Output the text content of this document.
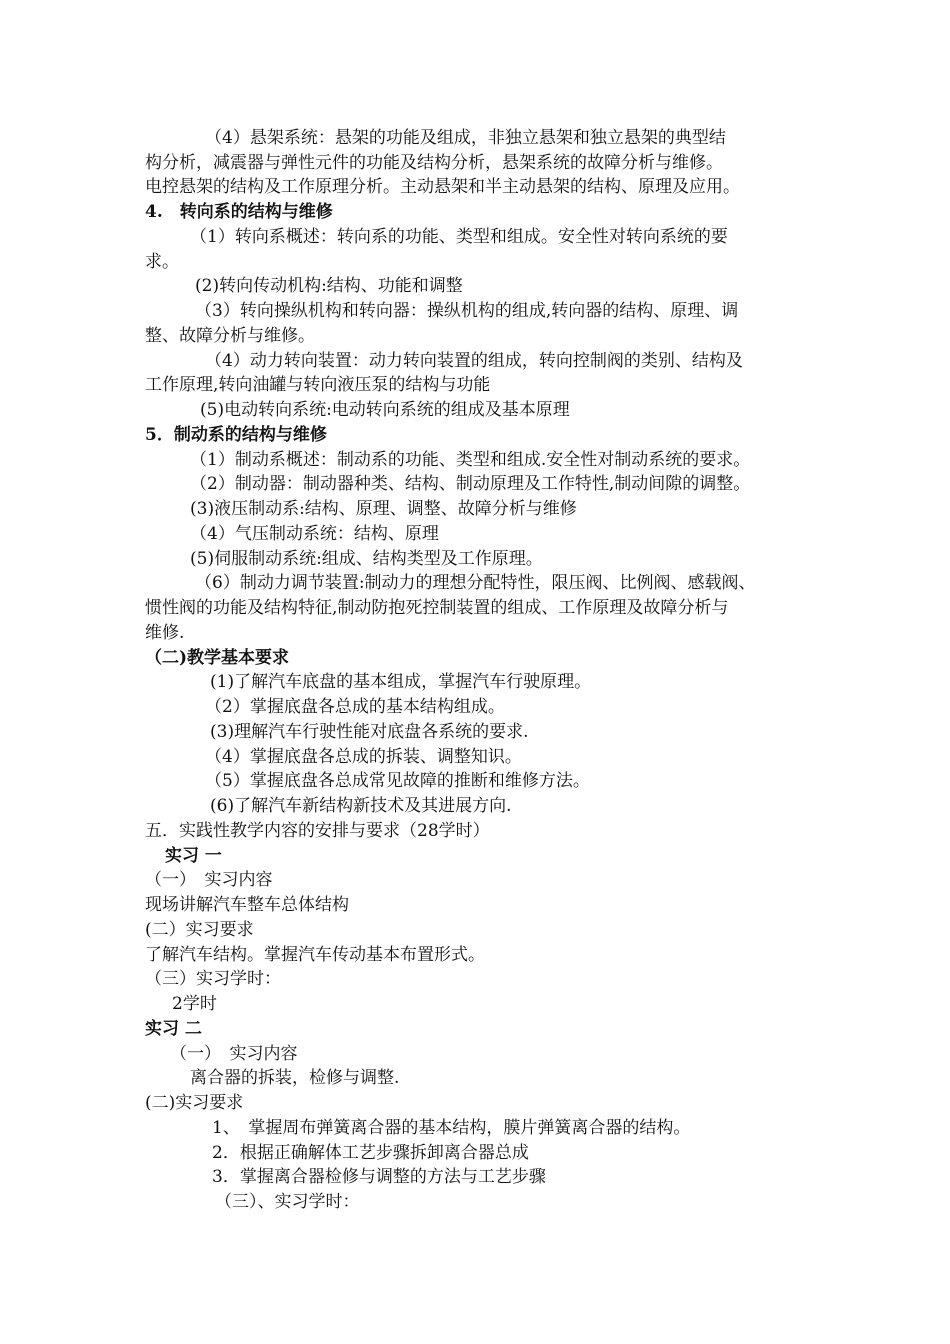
（4）悬架系统：悬架的功能及组成，非独立悬架和独立悬架的典型结

构分析，减震器与弹性元件的功能及结构分析，悬架系统的故障分析与维修。

电控悬架的结构及工作原理分析。主动悬架和半主动悬架的结构、原理及应用。

4.　转向系的结构与维修

（1）转向系概述：转向系的功能、类型和组成。安全性对转向系统的要

求。

(2)转向传动机构:结构、功能和调整

（3）转向操纵机构和转向器：操纵机构的组成,转向器的结构、原理、调

整、故障分析与维修。

（4）动力转向装置：动力转向装置的组成，转向控制阀的类别、结构及

工作原理,转向油罐与转向液压泵的结构与功能

(5)电动转向系统:电动转向系统的组成及基本原理

5．制动系的结构与维修

（1）制动系概述：制动系的功能、类型和组成.安全性对制动系统的要求。

（2）制动器：制动器种类、结构、制动原理及工作特性,制动间隙的调整。

(3)液压制动系:结构、原理、调整、故障分析与维修

（4）气压制动系统：结构、原理

(5)伺服制动系统:组成、结构类型及工作原理。

（6）制动力调节装置:制动力的理想分配特性，限压阀、比例阀、感载阀、

惯性阀的功能及结构特征,制动防抱死控制装置的组成、工作原理及故障分析与

维修.

（二)教学基本要求

(1)了解汽车底盘的基本组成，掌握汽车行驶原理。

（2）掌握底盘各总成的基本结构组成。

(3)理解汽车行驶性能对底盘各系统的要求.

（4）掌握底盘各总成的拆装、调整知识。

（5）掌握底盘各总成常见故障的推断和维修方法。

(6)了解汽车新结构新技术及其进展方向.

五．实践性教学内容的安排与要求（28学时）

实习 一

（一）　实习内容

现场讲解汽车整车总体结构

(二）实习要求

了解汽车结构。掌握汽车传动基本布置形式。

（三）实习学时：

2学时

实习 二

（一）　实习内容

离合器的拆装，检修与调整.

(二)实习要求

1、　掌握周布弹簧离合器的基本结构，膜片弹簧离合器的结构。

2．根据正确解体工艺步骤拆卸离合器总成

3．掌握离合器检修与调整的方法与工艺步骤

（三）、实习学时：
